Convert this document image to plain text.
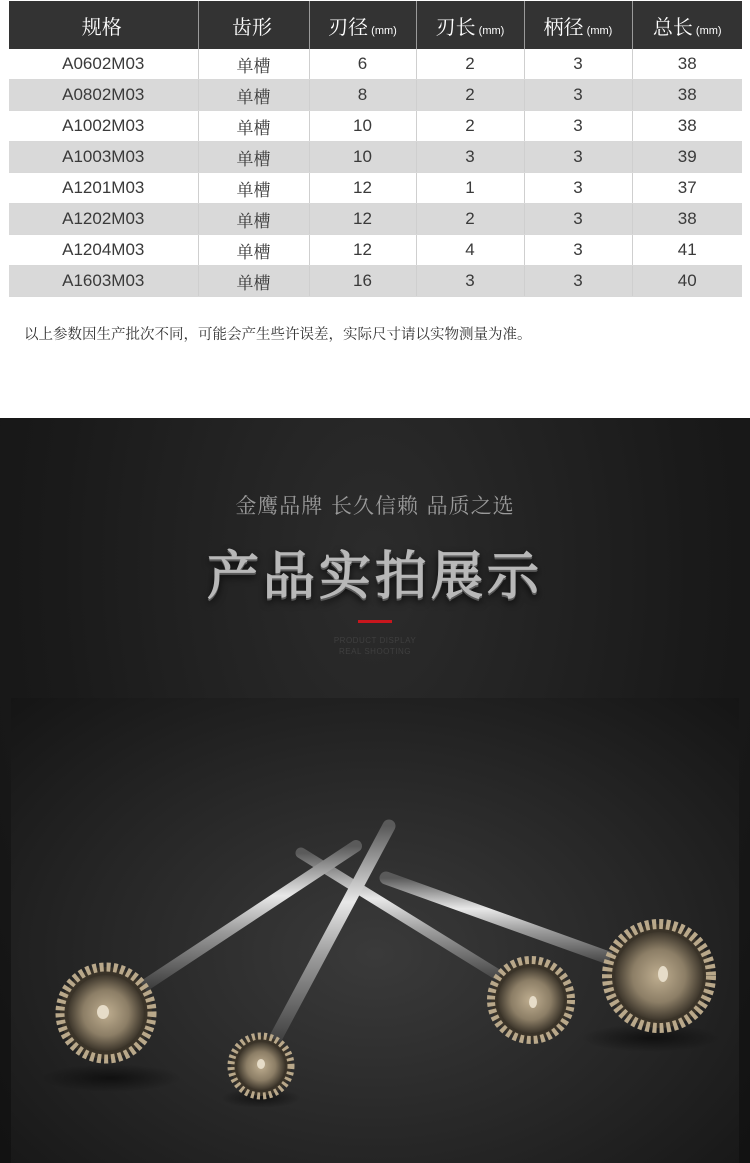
规格	齿形	刃径 (mm)	刃长 (mm)	柄径 (mm)	总长 (mm)
A0602M03	单槽	6	2	3	38
A0802M03	单槽	8	2	3	38
A1002M03	单槽	10	2	3	38
A1003M03	单槽	10	3	3	39
A1201M03	单槽	12	1	3	37
A1202M03	单槽	12	2	3	38
A1204M03	单槽	12	4	3	41
A1603M03	单槽	16	3	3	40
以上参数因生产批次不同，可能会产生些许误差，实际尺寸请以实物测量为准。
金鹰品牌 长久信赖 品质之选
产品实拍展示
PRODUCT DISPLAY
REAL SHOOTING
